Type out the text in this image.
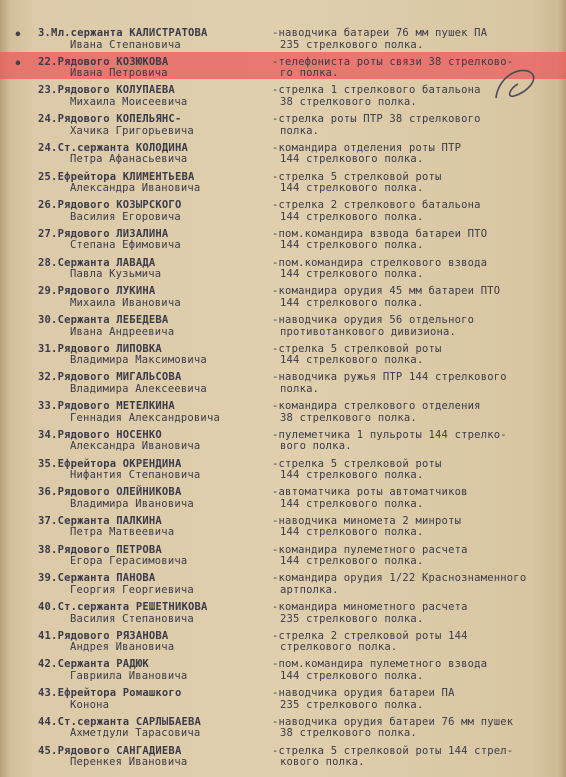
3.Мл.сержанта КАЛИСТРАТОВА
Ивана Степановича
22.Рядового КОЗЮКОВА
Ивана Петровича
23.Рядового КОЛУПАЕВА
Михаила Моисеевича
24.Рядового КОПЕЛЬЯНС-
Хачика Григорьевича
24.Ст.сержанта КОЛОДИНА
Петра Афанасьевича
25.Ефрейтора КЛИМЕНТЬЕВА
Александра Ивановича
26.Рядового КОЗЫРСКОГО
Василия Егоровича
27.Рядового ЛИЗАЛИНА
Степана Ефимовича
28.Сержанта ЛАВАДА
Павла Кузьмича
29.Рядового ЛУКИНА
Михаила Ивановича
30.Сержанта ЛЕБЕДЕВА
Ивана Андреевича
31.Рядового ЛИПОВКА
Владимира Максимовича
32.Рядового МИГАЛЬСОВА
Владимира Алексеевича
33.Рядового МЕТЕЛКИНА
Геннадия Александровича
34.Рядового НОСЕНКО
Александра Ивановича
35.Ефрейтора ОКРЕНДИНА
Нифантия Степановича
36.Рядового ОЛЕЙНИКОВА
Владимира Ивановича
37.Сержанта ПАЛКИНА
Петра Матвеевича
38.Рядового ПЕТРОВА
Егора Герасимовича
39.Сержанта ПАНОВА
Георгия Георгиевича
40.Ст.сержанта РЕШЕТНИКОВА
Василия Степановича
41.Рядового РЯЗАНОВА
Андрея Ивановича
42.Сержанта РАДЮК
Гавриила Ивановича
43.Ефрейтора Ромашкого
Конона
44.Ст.сержанта САРЛЫБАЕВА
Ахметдули Тарасовича
45.Рядового САНГАДИЕВА
Перенкея Ивановича
-наводчика батареи 76 мм пушек ПА
235 стрелкового полка.
-телефониста роты связи 38 стрелково-
го полка.
-стрелка 1 стрелкового батальона
38 стрелкового полка.
-стрелка роты ПТР 38 стрелкового
полка.
-командира отделения роты ПТР
144 стрелкового полка.
-стрелка 5 стрелковой роты
144 стрелкового полка.
-стрелка 2 стрелкового батальона
144 стрелкового полка.
-пом.командира взвода батареи ПТО
144 стрелкового полка.
-пом.командира стрелкового взвода
144 стрелкового полка.
-командира орудия 45 мм батареи ПТО
144 стрелкового полка.
-наводчика орудия 56 отдельного
противотанкового дивизиона.
-стрелка 5 стрелковой роты
144 стрелкового полка.
-наводчика ружья ПТР 144 стрелкового
полка.
-командира стрелкового отделения
38 стрелкового полка.
-пулеметчика 1 пульроты 144 стрелко-
вого полка.
-стрелка 5 стрелковой роты
144 стрелкового полка.
-автоматчика роты автоматчиков
144 стрелкового полка.
-наводчика миномета 2 минроты
144 стрелкового полка.
-командира пулеметного расчета
144 стрелкового полка.
-командира орудия 1/22 Краснознаменного
артполка.
-командира минометного расчета
235 стрелкового полка.
-стрелка 2 стрелковой роты 144
стрелкового полка.
-пом.командира пулеметного взвода
144 стрелкового полка.
-наводчика орудия батареи ПА
235 стрелкового полка.
-наводчика орудия батареи 76 мм пушек
38 стрелкового полка.
-стрелка 5 стрелковой роты 144 стрел-
кового полка.
•
•
